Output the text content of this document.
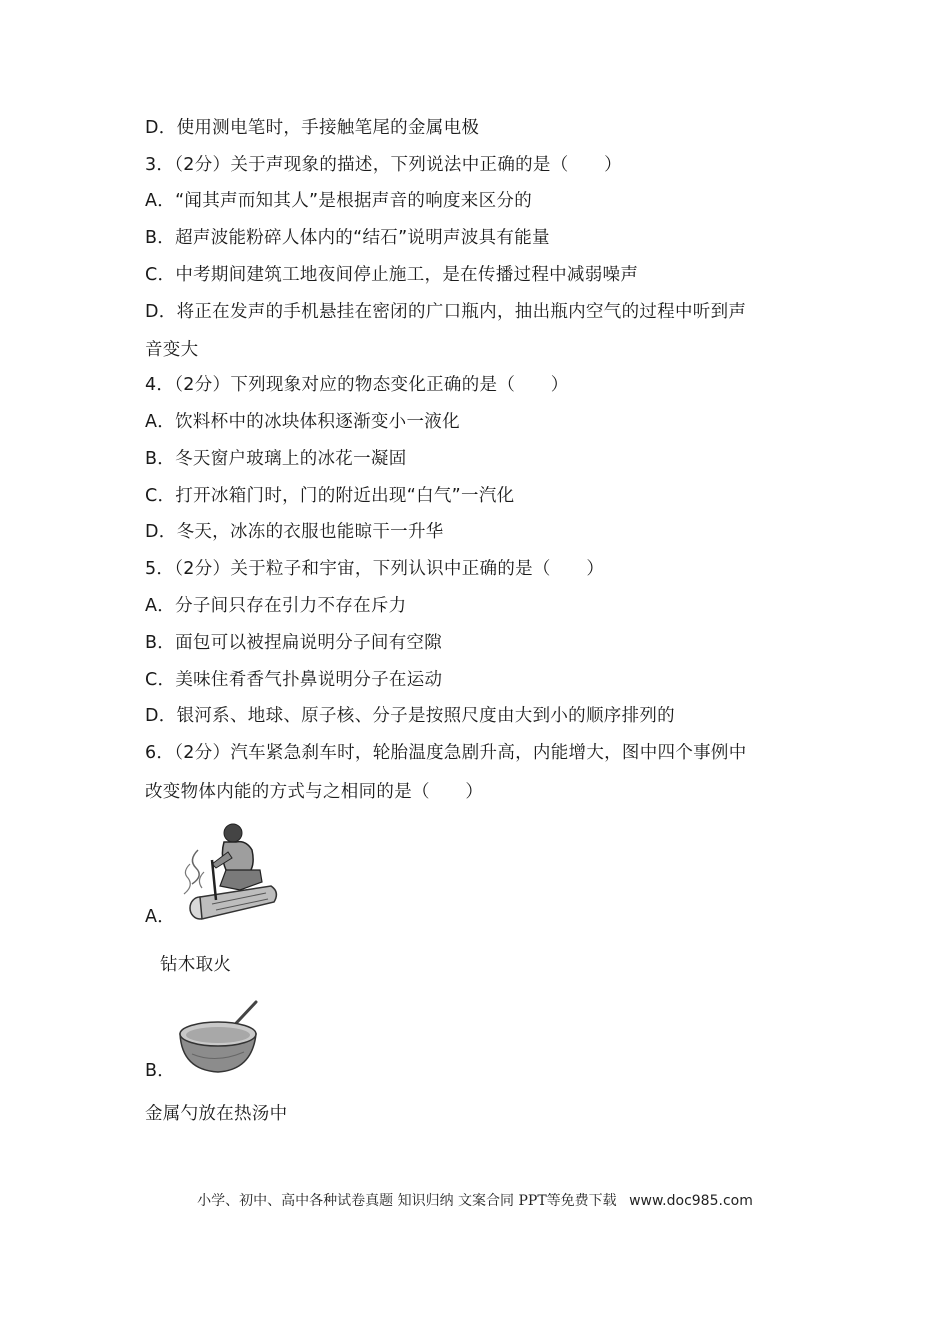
D．使用测电笔时，手接触笔尾的金属电极
3．（2分）关于声现象的描述，下列说法中正确的是（　　）
A．“闻其声而知其人”是根据声音的响度来区分的
B．超声波能粉碎人体内的“结石”说明声波具有能量
C．中考期间建筑工地夜间停止施工，是在传播过程中减弱噪声
D．将正在发声的手机悬挂在密闭的广口瓶内，抽出瓶内空气的过程中听到声
音变大
4．（2分）下列现象对应的物态变化正确的是（　　）
A．饮料杯中的冰块体积逐渐变小一液化
B．冬天窗户玻璃上的冰花一凝固
C．打开冰箱门时，门的附近出现“白气”一汽化
D．冬天，冰冻的衣服也能晾干一升华
5．（2分）关于粒子和宇宙，下列认识中正确的是（　　）
A．分子间只存在引力不存在斥力
B．面包可以被捏扁说明分子间有空隙
C．美味住肴香气扑鼻说明分子在运动
D．银河系、地球、原子核、分子是按照尺度由大到小的顺序排列的
6．（2分）汽车紧急刹车时，轮胎温度急剧升高，内能增大，图中四个事例中
改变物体内能的方式与之相同的是（　　）
A．
钻木取火
B．
金属勺放在热汤中
小学、初中、高中各种试卷真题 知识归纳 文案合同 PPT等免费下载 www.doc985.com
